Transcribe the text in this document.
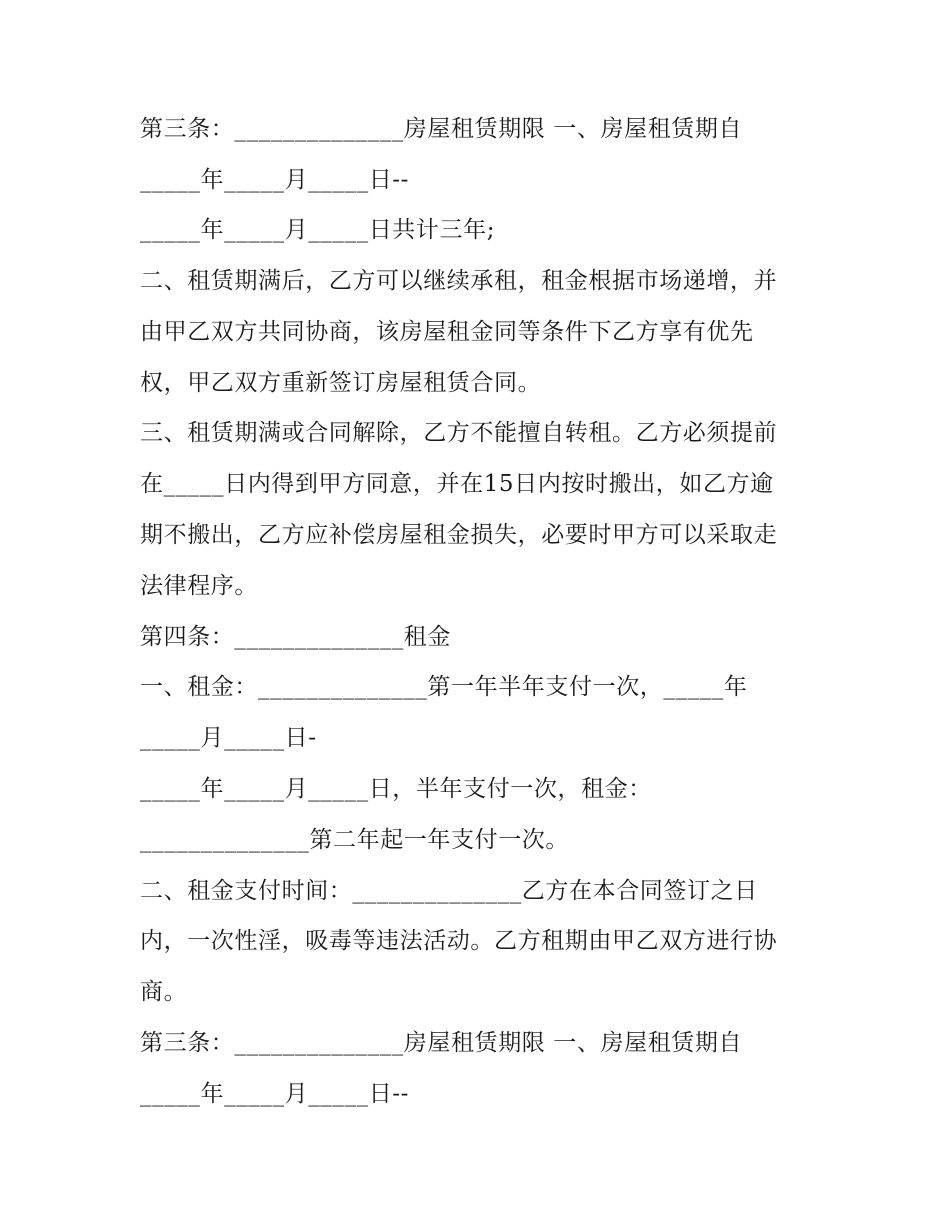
第三条：______________房屋租赁期限 一、房屋租赁期自
_____年_____月_____日--
_____年_____月_____日共计三年;
二、租赁期满后，乙方可以继续承租，租金根据市场递增，并
由甲乙双方共同协商，该房屋租金同等条件下乙方享有优先
权，甲乙双方重新签订房屋租赁合同。
三、租赁期满或合同解除，乙方不能擅自转租。乙方必须提前
在_____日内得到甲方同意，并在15日内按时搬出，如乙方逾
期不搬出，乙方应补偿房屋租金损失，必要时甲方可以采取走
法律程序。
第四条：______________租金
一、租金：______________第一年半年支付一次，_____年
_____月_____日-
_____年_____月_____日，半年支付一次，租金：
______________第二年起一年支付一次。
二、租金支付时间：______________乙方在本合同签订之日
内，一次性淫，吸毒等违法活动。乙方租期由甲乙双方进行协
商。
第三条：______________房屋租赁期限 一、房屋租赁期自
_____年_____月_____日--
